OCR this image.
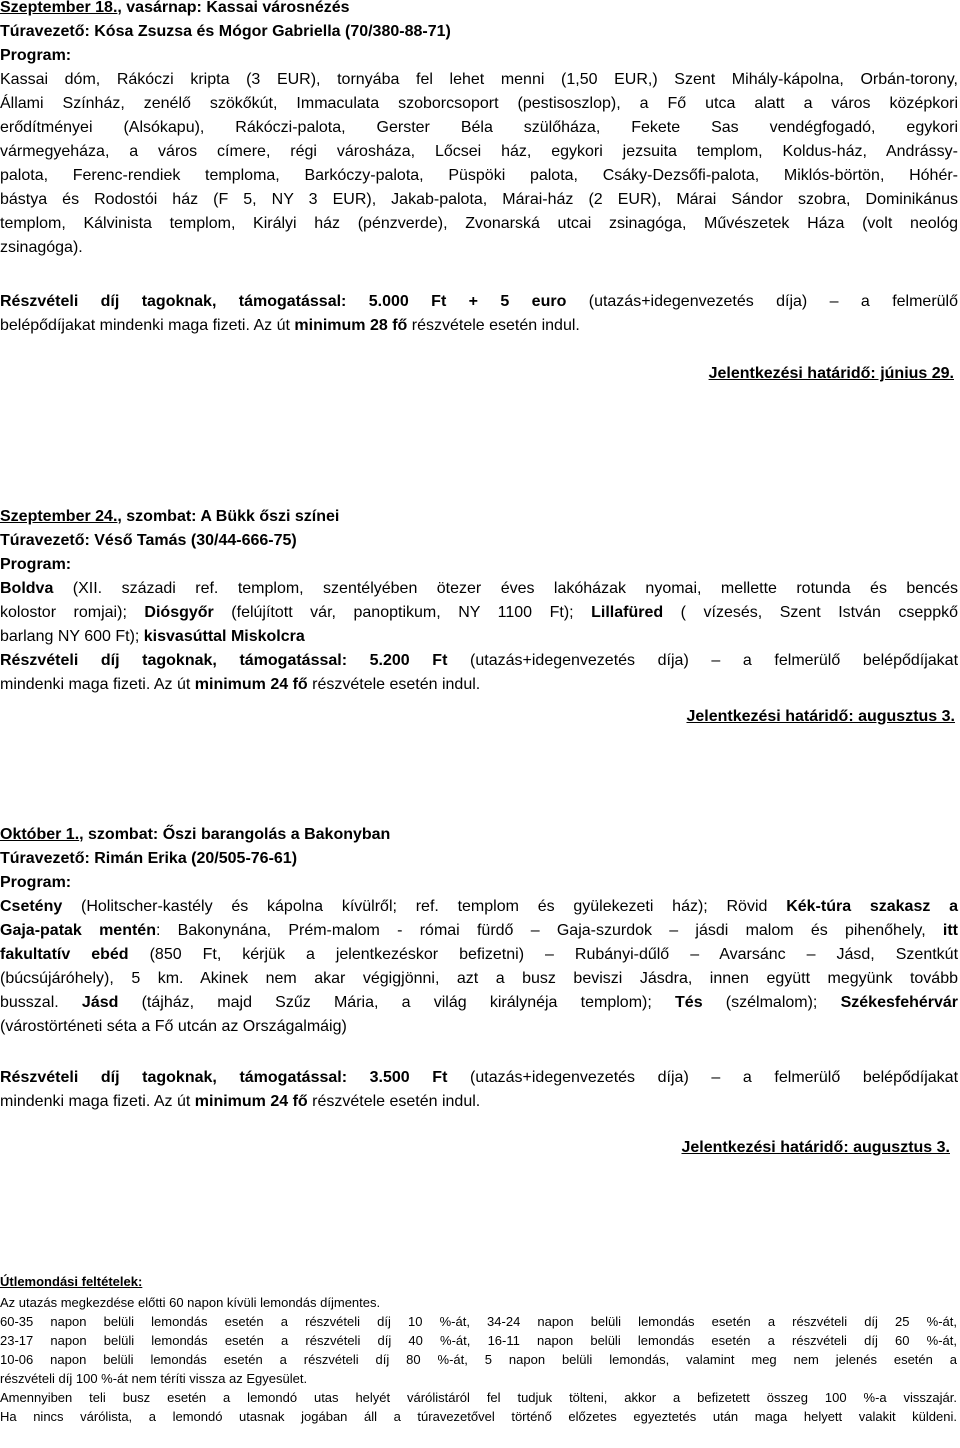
Szeptember 18., vasárnap: Kassai városnézés
Túravezető: Kósa Zsuzsa és Mógor Gabriella (70/380-88-71)
Program:
Kassai dóm, Rákóczi kripta (3 EUR), tornyába fel lehet menni (1,50 EUR,) Szent Mihály-kápolna, Orbán-torony,
Állami Színház, zenélő szökőkút, Immaculata szoborcsoport (pestisoszlop), a Fő utca alatt a város középkori
erődítményei (Alsókapu), Rákóczi-palota, Gerster Béla szülőháza, Fekete Sas vendégfogadó, egykori
vármegyeháza, a város címere, régi városháza, Lőcsei ház, egykori jezsuita templom, Koldus-ház, Andrássy-
palota, Ferenc-rendiek temploma, Barkóczy-palota, Püspöki palota, Csáky-Dezsőfi-palota, Miklós-börtön, Hóhér-
bástya és Rodostói ház (F 5, NY 3 EUR), Jakab-palota, Márai-ház (2 EUR), Márai Sándor szobra, Dominikánus
templom, Kálvinista templom, Királyi ház (pénzverde), Zvonarská utcai zsinagóga, Művészetek Háza (volt neológ
zsinagóga).
Részvételi díj tagoknak, támogatással: 5.000 Ft + 5 euro (utazás+idegenvezetés díja) – a felmerülő
belépődíjakat mindenki maga fizeti. Az út minimum 28 fő részvétele esetén indul.
Jelentkezési határidő: június 29.
Szeptember 24., szombat: A Bükk őszi színei
Túravezető: Véső Tamás (30/44-666-75)
Program:
Boldva (XII. századi ref. templom, szentélyében ötezer éves lakóházak nyomai, mellette rotunda és bencés
kolostor romjai); Diósgyőr (felújított vár, panoptikum, NY 1100 Ft); Lillafüred ( vízesés, Szent István cseppkő
barlang NY 600 Ft); kisvasúttal Miskolcra
Részvételi díj tagoknak, támogatással: 5.200 Ft (utazás+idegenvezetés díja) – a felmerülő belépődíjakat
mindenki maga fizeti. Az út minimum 24 fő részvétele esetén indul.
Jelentkezési határidő: augusztus 3.
Október 1., szombat: Őszi barangolás a Bakonyban
Túravezető: Rimán Erika (20/505-76-61)
Program:
Csetény (Holitscher-kastély és kápolna kívülről; ref. templom és gyülekezeti ház); Rövid Kék-túra szakasz a
Gaja-patak mentén: Bakonynána, Prém-malom - római fürdő – Gaja-szurdok – jásdi malom és pihenőhely, itt
fakultatív ebéd (850 Ft, kérjük a jelentkezéskor befizetni) – Rubányi-dűlő – Avarsánc – Jásd, Szentkút
(búcsújáróhely), 5 km. Akinek nem akar végigjönni, azt a busz beviszi Jásdra, innen együtt megyünk tovább
busszal. Jásd (tájház, majd Szűz Mária, a világ királynéja templom); Tés (szélmalom); Székesfehérvár
(várostörténeti séta a Fő utcán az Országalmáig)
Részvételi díj tagoknak, támogatással: 3.500 Ft (utazás+idegenvezetés díja) – a felmerülő belépődíjakat
mindenki maga fizeti. Az út minimum 24 fő részvétele esetén indul.
Jelentkezési határidő: augusztus 3.
Útlemondási feltételek:
Az utazás megkezdése előtti 60 napon kívüli lemondás díjmentes.
60-35 napon belüli lemondás esetén a részvételi díj 10 %-át, 34-24 napon belüli lemondás esetén a részvételi díj 25 %-át,
23-17 napon belüli lemondás esetén a részvételi díj 40 %-át, 16-11 napon belüli lemondás esetén a részvételi díj 60 %-át,
10-06 napon belüli lemondás esetén a részvételi díj 80 %-át, 5 napon belüli lemondás, valamint meg nem jelenés esetén a
részvételi díj 100 %-át nem téríti vissza az Egyesület.
Amennyiben teli busz esetén a lemondó utas helyét várólistáról fel tudjuk tölteni, akkor a befizetett összeg 100 %-a visszajár.
Ha nincs várólista, a lemondó utasnak jogában áll a túravezetővel történő előzetes egyeztetés után maga helyett valakit küldeni.
